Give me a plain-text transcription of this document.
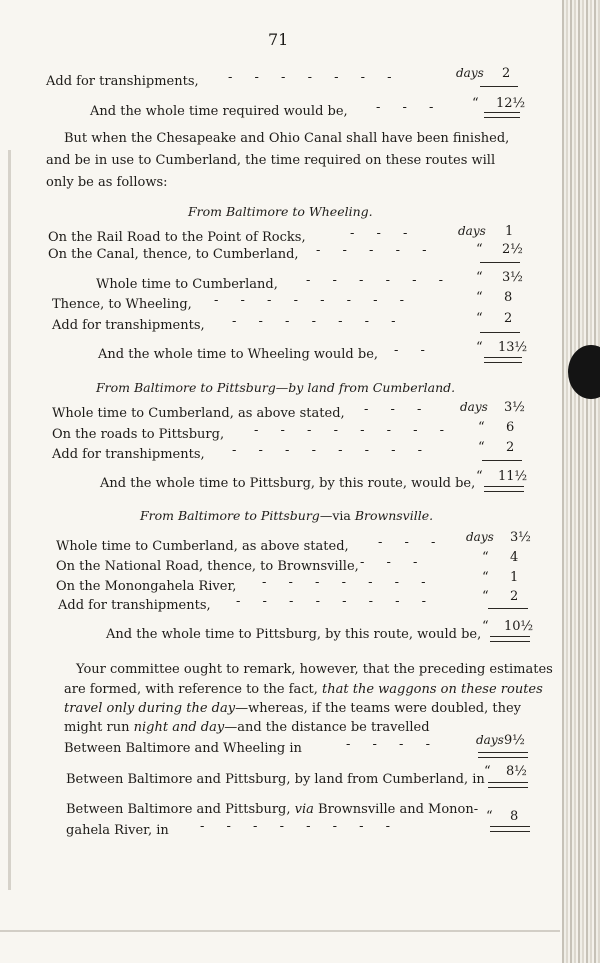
71
Add for transhipments, - - - - - - -	days 2
And the whole time required would be, - - - “ 12½
But when the Chesapeake and Ohio Canal shall have been finished,
and be in use to Cumberland, the time required on these routes will
only be as follows:
From Baltimore to Wheeling.
On the Rail Road to the Point of Rocks,	- - -	days 1
On the Canal, thence, to Cumberland, - - - - -	“ 2½
Whole time to Cumberland, - - - - - - “ 3½
Thence, to Wheeling, - - - - - - - -	“ 8
Add for transhipments, - - - - - - -	“ 2
And the whole time to Wheeling would be, - -	“ 13½
From Baltimore to Pittsburg—by land from Cumberland.
Whole time to Cumberland, as above stated, - - - days 3½
On the roads to Pittsburg, - - - - - - - - “ 6
Add for transhipments, - - - - - - - -	“ 2
And the whole time to Pittsburg, by this route, would be, “ 11½
From Baltimore to Pittsburg—via Brownsville.
Whole time to Cumberland, as above stated, - - - days 3½
On the National Road, thence, to Brownsville, - - -	“ 4
On the Monongahela River, - - - - - - -	“ 1
Add for transhipments, - - - - - - - -	“ 2
And the whole time to Pittsburg, by this route, would be,
“ 10½
Your committee ought to remark, however, that the preceding estimates
are formed, with reference to the fact, that the waggons on these routes
travel only during the day—whereas, if the teams were doubled, they
might run night and day—and the distance be travelled
Between Baltimore and Wheeling in	- - - -	days 9½
Between Baltimore and Pittsburg, by land from Cumberland, in
“ 8½
Between Baltimore and Pittsburg, via Brownsville and Monon-
gahela River, in - - - - - - - -
“ 8
